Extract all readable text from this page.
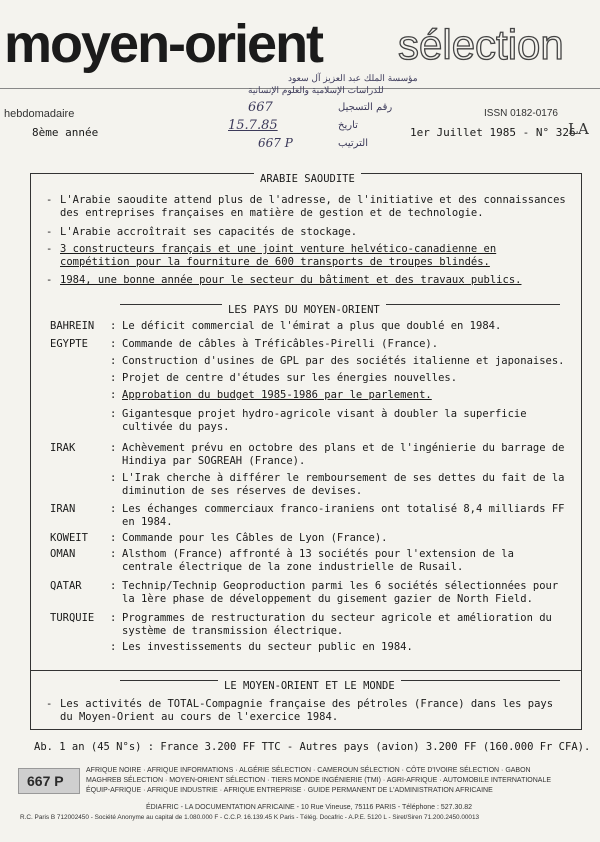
moyen-orient sélection
hebdomadaire
8ème année
ISSN 0182-0176
1er Juillet 1985 - N° 326
LA
مؤسسة الملك عبد العزيز آل سعود
للدراسات الإسلامية والعلوم الإنسانية
667	رقم التسجيل
15.7.85	تاريخ
667 P	الترتيب
ARABIE SAOUDITE
- L'Arabie saoudite attend plus de l'adresse, de l'initiative et des connaissances des entreprises françaises en matière de gestion et de technologie.
- L'Arabie accroîtrait ses capacités de stockage.
- 3 constructeurs français et une joint venture helvético-canadienne en compétition pour la fourniture de 600 transports de troupes blindés.
- 1984, une bonne année pour le secteur du bâtiment et des travaux publics.
LES PAYS DU MOYEN-ORIENT
BAHREIN	: Le déficit commercial de l'émirat a plus que doublé en 1984.
EGYPTE	: Commande de câbles à Tréficâbles-Pirelli (France).
: Construction d'usines de GPL par des sociétés italienne et japonaises.
: Projet de centre d'études sur les énergies nouvelles.
: Approbation du budget 1985-1986 par le parlement.
: Gigantesque projet hydro-agricole visant à doubler la superficie cultivée du pays.
IRAK	: Achèvement prévu en octobre des plans et de l'ingénierie du barrage de Hindiya par SOGREAH (France).
: L'Irak cherche à différer le remboursement de ses dettes du fait de la diminution de ses réserves de devises.
IRAN	: Les échanges commerciaux franco-iraniens ont totalisé 8,4 milliards FF en 1984.
KOWEIT	: Commande pour les Câbles de Lyon (France).
OMAN	: Alsthom (France) affronté à 13 sociétés pour l'extension de la centrale électrique de la zone industrielle de Rusail.
QATAR	: Technip/Technip Geoproduction parmi les 6 sociétés sélectionnées pour la 1ère phase de développement du gisement gazier de North Field.
TURQUIE	: Programmes de restructuration du secteur agricole et amélioration du système de transmission électrique.
: Les investissements du secteur public en 1984.
LE MOYEN-ORIENT ET LE MONDE
- Les activités de TOTAL-Compagnie française des pétroles (France) dans les pays du Moyen-Orient au cours de l'exercice 1984.
Ab. 1 an (45 N°s) : France 3.200 FF TTC - Autres pays (avion) 3.200 FF (160.000 Fr CFA).
667 P
AFRIQUE NOIRE · AFRIQUE INFORMATIONS · ALGÉRIE SÉLECTION · CAMEROUN SÉLECTION · CÔTE D'IVOIRE SÉLECTION · GABON
MAGHREB SÉLECTION · MOYEN-ORIENT SÉLECTION · TIERS MONDE INGÉNIERIE (TMI) · AGRI-AFRIQUE · AUTOMOBILE INTERNATIONALE
ÉQUIP-AFRIQUE · AFRIQUE INDUSTRIE · AFRIQUE ENTREPRISE · GUIDE PERMANENT DE L'ADMINISTRATION AFRICAINE
ÉDIAFRIC - LA DOCUMENTATION AFRICAINE - 10 Rue Vineuse, 75116 PARIS - Téléphone : 527.30.82
R.C. Paris B 712002450 - Société Anonyme au capital de 1.080.000 F - C.C.P. 16.139.45 K Paris - Télég. Docafric - A.P.E. 5120 L - Siret/Siren 71.200.2450.00013
